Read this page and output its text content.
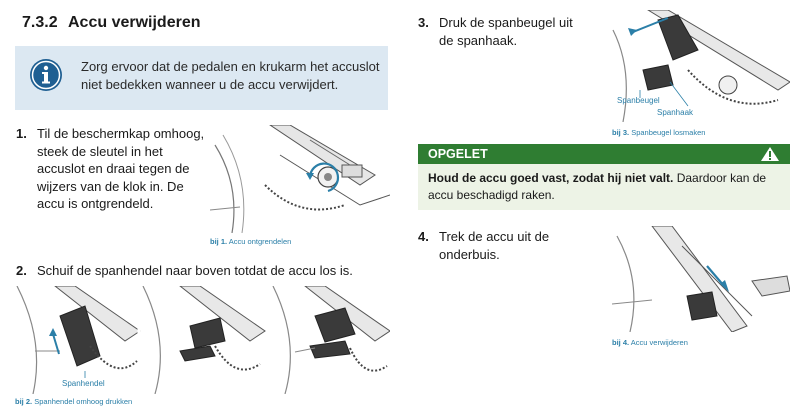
7.3.2 Accu verwijderen
Zorg ervoor dat de pedalen en krukarm het accuslot niet bedekken wanneer u de accu verwijdert.
1. Til de beschermkap omhoog, steek de sleutel in het accuslot en draai tegen de wijzers van de klok in. De accu is ontgrendeld.
bij 1. Accu ontgrendelen
2. Schuif de spanhendel naar boven totdat de accu los is.
Spanhendel
bij 2. Spanhendel omhoog drukken
3. Druk de spanbeugel uit de spanhaak.
Spanbeugel
Spanhaak
bij 3. Spanbeugel losmaken
OPGELET
Houd de accu goed vast, zodat hij niet valt. Daardoor kan de accu beschadigd raken.
4. Trek de accu uit de onderbuis.
bij 4. Accu verwijderen
